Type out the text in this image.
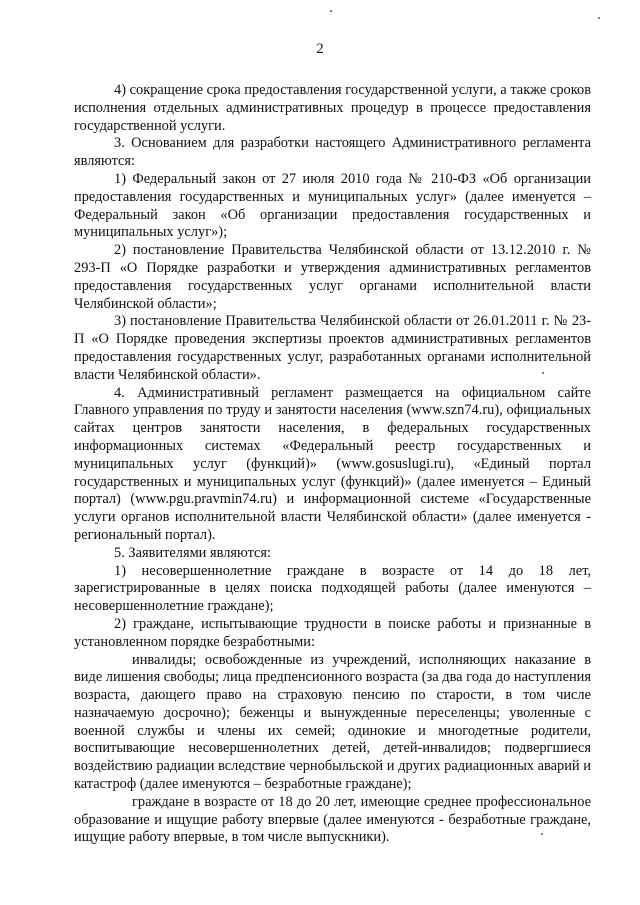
2

4) сокращение срока предоставления государственной услуги, а также сроков исполнения отдельных административных процедур в процессе предоставления государственной услуги.

3. Основанием для разработки настоящего Административного регламента являются:

1) Федеральный закон от 27 июля 2010 года № 210-ФЗ «Об организации предоставления государственных и муниципальных услуг» (далее именуется – Федеральный закон «Об организации предоставления государственных и муниципальных услуг»);

2) постановление Правительства Челябинской области от 13.12.2010 г. № 293-П «О Порядке разработки и утверждения административных регламентов предоставления государственных услуг органами исполнительной власти Челябинской области»;

3) постановление Правительства Челябинской области от 26.01.2011 г. № 23-П «О Порядке проведения экспертизы проектов административных регламентов предоставления государственных услуг, разработанных органами исполнительной власти Челябинской области».

4. Административный регламент размещается на официальном сайте Главного управления по труду и занятости населения (www.szn74.ru), официальных сайтах центров занятости населения, в федеральных государственных информационных системах «Федеральный реестр государственных и муниципальных услуг (функций)» (www.gosuslugi.ru), «Единый портал государственных и муниципальных услуг (функций)» (далее именуется – Единый портал) (www.pgu.pravmin74.ru) и информационной системе «Государственные услуги органов исполнительной власти Челябинской области» (далее именуется - региональный портал).

5. Заявителями являются:

1) несовершеннолетние граждане в возрасте от 14 до 18 лет, зарегистрированные в целях поиска подходящей работы (далее именуются – несовершеннолетние граждане);

2) граждане, испытывающие трудности в поиске работы и признанные в установленном порядке безработными:

инвалиды; освобожденные из учреждений, исполняющих наказание в виде лишения свободы; лица предпенсионного возраста (за два года до наступления возраста, дающего право на страховую пенсию по старости, в том числе назначаемую досрочно); беженцы и вынужденные переселенцы; уволенные с военной службы и члены их семей; одинокие и многодетные родители, воспитывающие несовершеннолетних детей, детей-инвалидов; подвергшиеся воздействию радиации вследствие чернобыльской и других радиационных аварий и катастроф (далее именуются – безработные граждане);

граждане в возрасте от 18 до 20 лет, имеющие среднее профессиональное образование и ищущие работу впервые (далее именуются - безработные граждане, ищущие работу впервые, в том числе выпускники).
